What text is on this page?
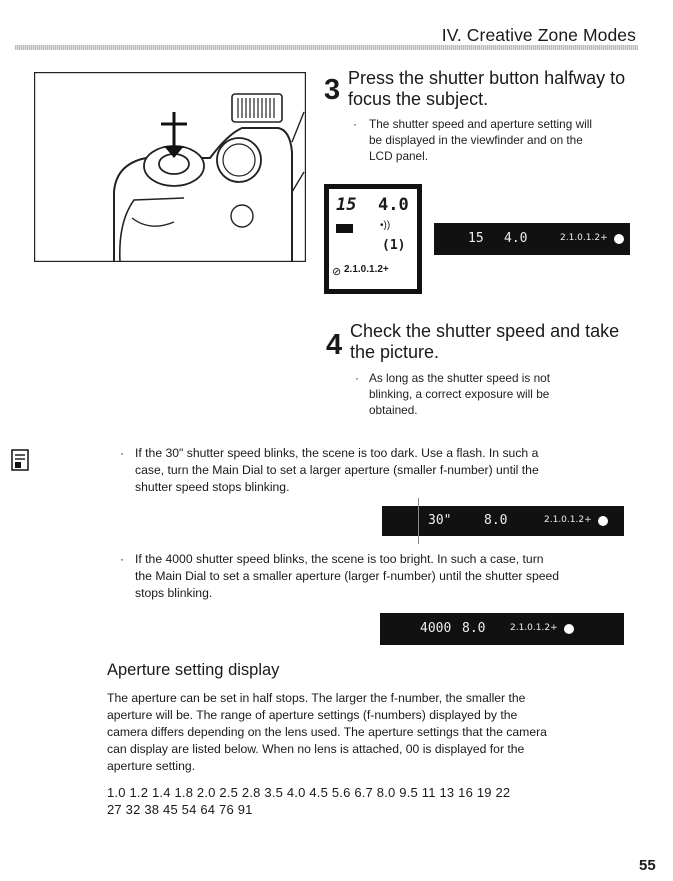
IV. Creative Zone Modes
3 Press the shutter button halfway to
focus the subject.
· The shutter speed and aperture setting will
be displayed in the viewfinder and on the
LCD panel.
15 4.0
•))
(1)
⊘ 2.1.0.1.2+
15 4.0	2.1.0.1.2+
4 Check the shutter speed and take
the picture.
· As long as the shutter speed is not
blinking, a correct exposure will be
obtained.
· If the 30" shutter speed blinks, the scene is too dark. Use a flash. In such a
case, turn the Main Dial to set a larger aperture (smaller f-number) until the
shutter speed stops blinking.
30"	8.0	2.1.0.1.2+
· If the 4000 shutter speed blinks, the scene is too bright. In such a case, turn
the Main Dial to set a smaller aperture (larger f-number) until the shutter speed
stops blinking.
4000 8.0	2.1.0.1.2+
Aperture setting display
The aperture can be set in half stops. The larger the f-number, the smaller the
aperture will be. The range of aperture settings (f-numbers) displayed by the
camera differs depending on the lens used. The aperture settings that the camera
can display are listed below. When no lens is attached, 00 is displayed for the
aperture setting.
1.0 1.2 1.4 1.8 2.0 2.5 2.8 3.5 4.0 4.5 5.6 6.7 8.0 9.5 11 13 16 19 22
27 32 38 45 54 64 76 91
55
